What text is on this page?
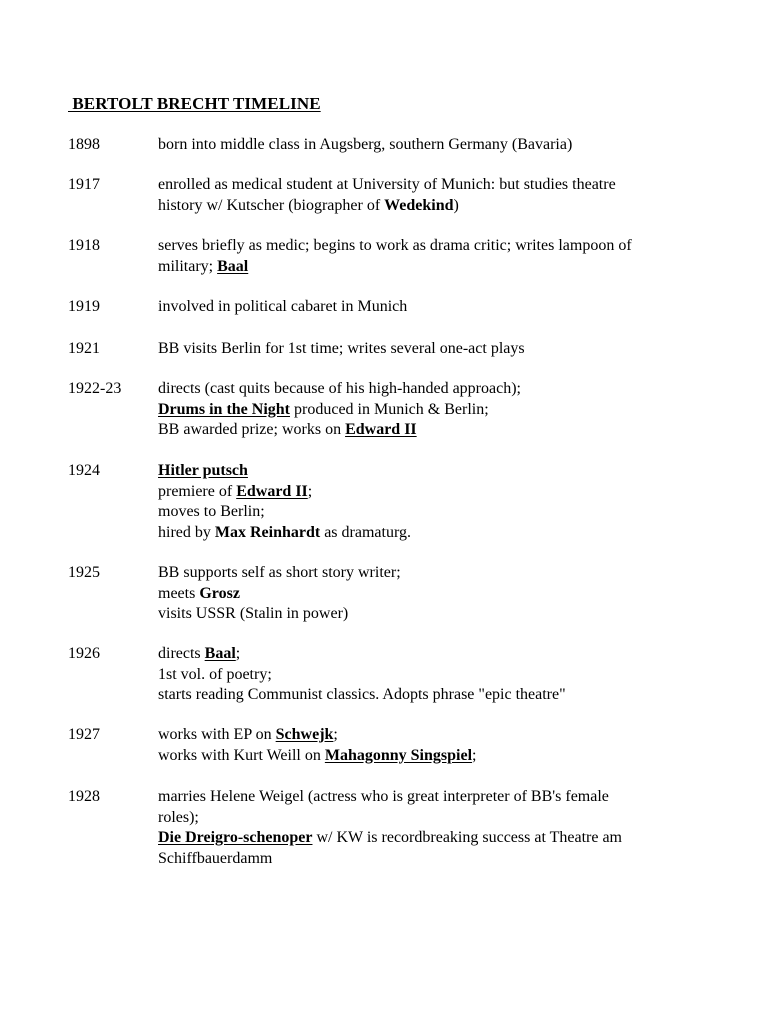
BERTOLT BRECHT TIMELINE
1898	born into middle class in Augsberg, southern Germany (Bavaria)
1917	enrolled as medical student at University of Munich: but studies theatre
history w/ Kutscher (biographer of Wedekind)
1918	serves briefly as medic; begins to work as drama critic; writes lampoon of
military; Baal
1919	involved in political cabaret in Munich
1921	BB visits Berlin for 1st time; writes several one-act plays
1922-23 directs (cast quits because of his high-handed approach);
Drums in the Night produced in Munich & Berlin;
BB awarded prize; works on Edward II
1924	Hitler putsch
premiere of Edward II;
moves to Berlin;
hired by Max Reinhardt as dramaturg.
1925	BB supports self as short story writer;
meets Grosz
visits USSR (Stalin in power)
1926	directs Baal;
1st vol. of poetry;
starts reading Communist classics. Adopts phrase "epic theatre"
1927	works with EP on Schwejk;
works with Kurt Weill on Mahagonny Singspiel;
1928	marries Helene Weigel (actress who is great interpreter of BB's female
roles);
Die Dreigro-schenoper w/ KW is recordbreaking success at Theatre am
Schiffbauerdamm
